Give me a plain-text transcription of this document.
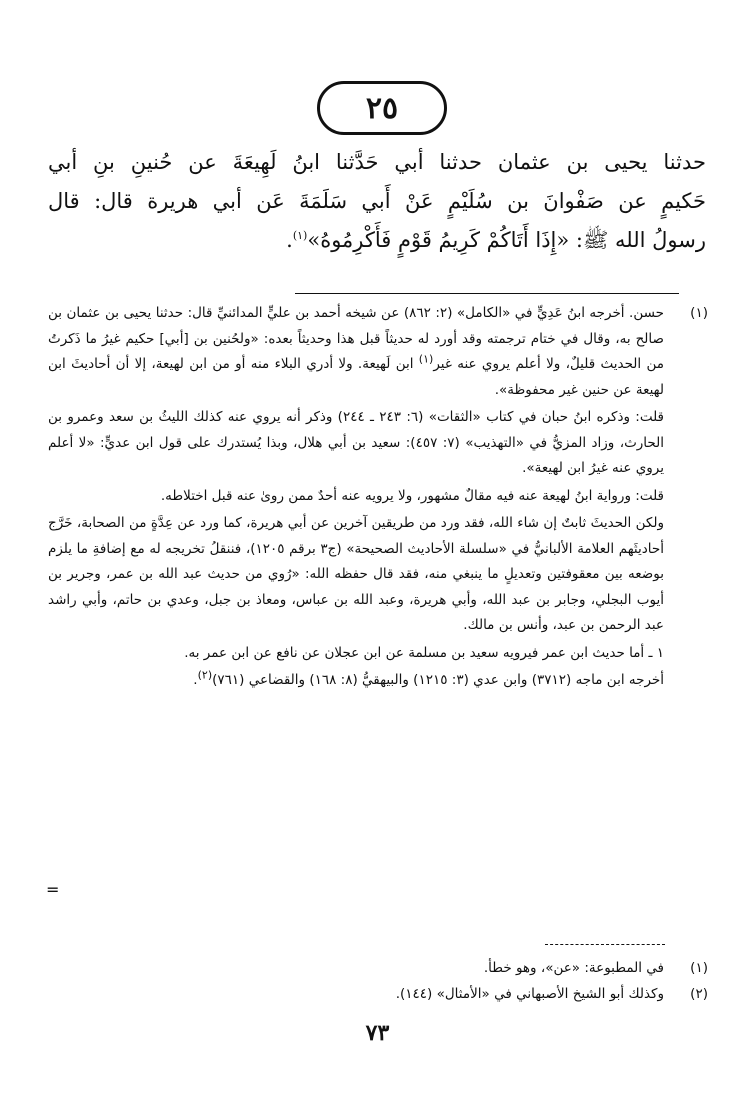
٢٥
حدثنا يحيى بن عثمان حدثنا أبي حَدَّثنا ابنُ لَهِيعَةَ عن حُنينِ بنِ أبي
حَكيمٍ عن صَفْوانَ بن سُلَيْمٍ عَنْ أَبي سَلَمَةَ عَن أبي هريرة قال: قال
رسولُ الله ﷺ: «إِذَا أَتَاكُمْ كَرِيمُ قَوْمٍ فَأَكْرِمُوهُ»$^{(١)}$.
(١)
حسن. أخرجه ابنُ عَدِيٍّ في «الكامل» (٢: ٨٦٢) عن شيخه أحمد بن عليٍّ المدائنيِّ قال: حدثنا يحيى بن عثمان بن صالح به، وقال في ختام ترجمته وقد أورد له حديثاً قبل هذا وحديثاً بعده: «ولحُنين بن [أبي] حكيم غيرُ ما ذَكرتُ من الحديث قليلٌ، ولا أعلم يروي عنه غير$^{(١)}$ ابن لَهيعة. ولا أدري البلاء منه أو من ابن لهيعة، إلا أن أحاديثَ ابن لهيعة عن حنين غير محفوظة».
قلت: وذكره ابنُ حبان في كتاب «الثقات» (٦: ٢٤٣ ـ ٢٤٤) وذكر أنه يروي عنه كذلك الليثُ بن سعد وعمرو بن الحارث، وزاد المزيُّ في «التهذيب» (٧: ٤٥٧): سعيد بن أبي هلال، وبذا يُستدرك على قول ابن عديٍّ: «لا أعلم يروي عنه غيرُ ابن لهيعة».
قلت: ورواية ابنُ لهيعة عنه فيه مقالٌ مشهور، ولا يرويه عنه أحدٌ ممن روىٰ عنه قبل اختلاطه.
ولكن الحديثَ ثابتٌ إن شاء الله، فقد ورد من طريقين آخرين عن أبي هريرة، كما ورد عن عِدَّةٍ من الصحابة، خَرَّج أحاديثَهم العلامة الألبانيُّ في «سلسلة الأحاديث الصحيحة» (ج٣ برقم ١٢٠٥)، فننقلُ تخريجه له مع إضافةِ ما يلزم بوضعه بين معقوفتين وتعديلٍ ما ينبغي منه، فقد قال حفظه الله: «رُوي من حديث عبد الله بن عمر، وجرير بن أيوب البجلي، وجابر بن عبد الله، وأبي هريرة، وعبد الله بن عباس، ومعاذ بن جبل، وعدي بن حاتم، وأبي راشد عبد الرحمن بن عبد، وأنس بن مالك.
١ ـ أما حديث ابن عمر فيرويه سعيد بن مسلمة عن ابن عجلان عن نافع عن ابن عمر به.
أخرجه ابن ماجه (٣٧١٢) وابن عدي (٣: ١٢١٥) والبيهقيُّ (٨: ١٦٨) والقضاعي (٧٦١)$^{(٢)}$.
=
(١)
في المطبوعة: «عن»، وهو خطأ.
(٢)
وكذلك أبو الشيخ الأصبهاني في «الأمثال» (١٤٤).
٧٣
